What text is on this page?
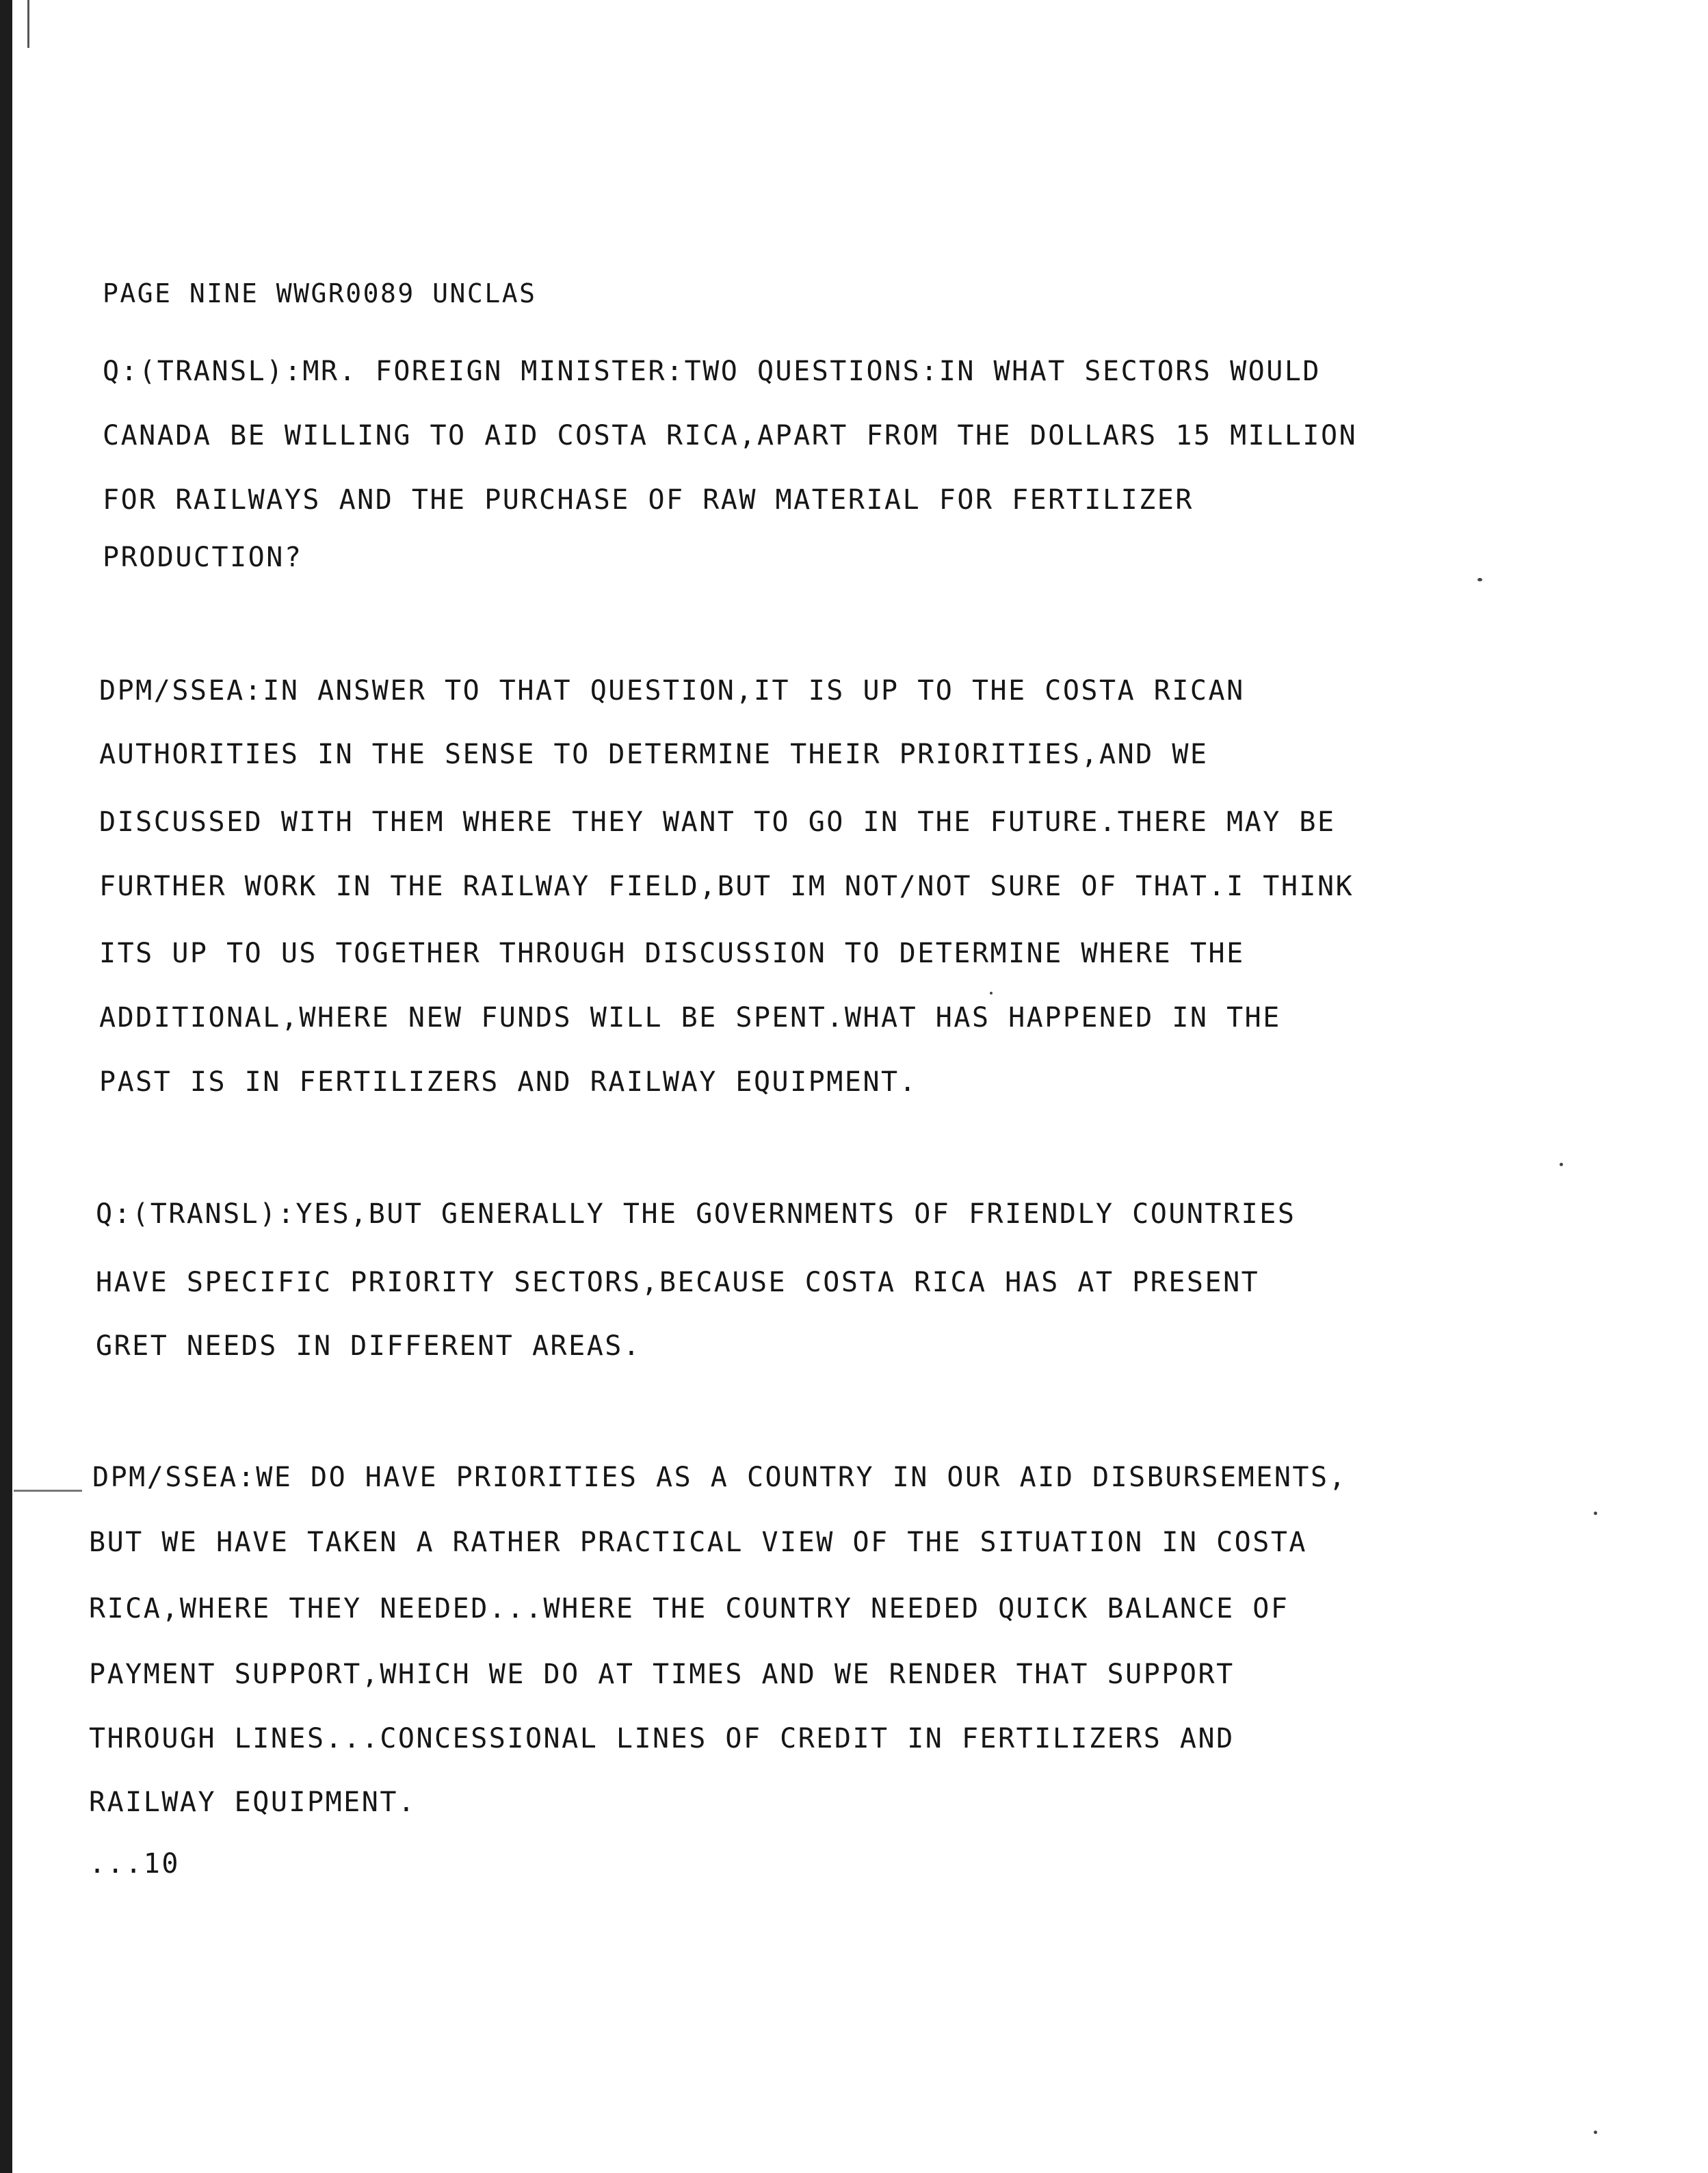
PAGE NINE WWGR0089 UNCLAS
Q:(TRANSL):MR. FOREIGN MINISTER:TWO QUESTIONS:IN WHAT SECTORS WOULD
CANADA BE WILLING TO AID COSTA RICA,APART FROM THE DOLLARS 15 MILLION
FOR RAILWAYS AND THE PURCHASE OF RAW MATERIAL FOR FERTILIZER
PRODUCTION?
DPM/SSEA:IN ANSWER TO THAT QUESTION,IT IS UP TO THE COSTA RICAN
AUTHORITIES IN THE SENSE TO DETERMINE THEIR PRIORITIES,AND WE
DISCUSSED WITH THEM WHERE THEY WANT TO GO IN THE FUTURE.THERE MAY BE
FURTHER WORK IN THE RAILWAY FIELD,BUT IM NOT/NOT SURE OF THAT.I THINK
ITS UP TO US TOGETHER THROUGH DISCUSSION TO DETERMINE WHERE THE
ADDITIONAL,WHERE NEW FUNDS WILL BE SPENT.WHAT HAS HAPPENED IN THE
PAST IS IN FERTILIZERS AND RAILWAY EQUIPMENT.
Q:(TRANSL):YES,BUT GENERALLY THE GOVERNMENTS OF FRIENDLY COUNTRIES
HAVE SPECIFIC PRIORITY SECTORS,BECAUSE COSTA RICA HAS AT PRESENT
GRET NEEDS IN DIFFERENT AREAS.
DPM/SSEA:WE DO HAVE PRIORITIES AS A COUNTRY IN OUR AID DISBURSEMENTS,
BUT WE HAVE TAKEN A RATHER PRACTICAL VIEW OF THE SITUATION IN COSTA
RICA,WHERE THEY NEEDED...WHERE THE COUNTRY NEEDED QUICK BALANCE OF
PAYMENT SUPPORT,WHICH WE DO AT TIMES AND WE RENDER THAT SUPPORT
THROUGH LINES...CONCESSIONAL LINES OF CREDIT IN FERTILIZERS AND
RAILWAY EQUIPMENT.
...10
